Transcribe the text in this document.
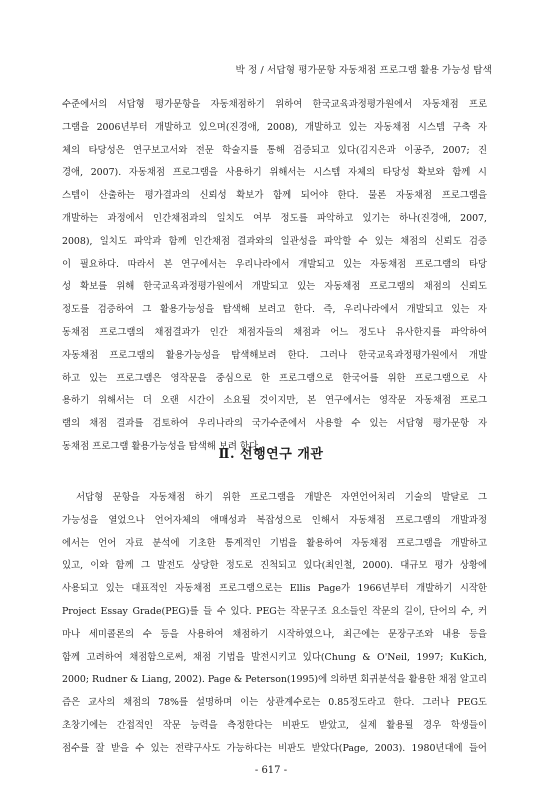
박 정 / 서답형 평가문항 자동채점 프로그램 활용 가능성 탐색
수준에서의 서답형 평가문항을 자동채점하기 위하여 한국교육과정평가원에서 자동채점 프로
그램을 2006년부터 개발하고 있으며(진경애, 2008), 개발하고 있는 자동채점 시스템 구축 자
체의 타당성은 연구보고서와 전문 학술지를 통해 검증되고 있다(김지은과 이공주, 2007; 진
경애, 2007). 자동채점 프로그램을 사용하기 위해서는 시스템 자체의 타당성 확보와 함께 시
스템이 산출하는 평가결과의 신뢰성 확보가 함께 되어야 한다. 물론 자동채점 프로그램을
개발하는 과정에서 인간채점과의 일치도 여부 정도를 파악하고 있기는 하나(진경애, 2007,
2008), 일치도 파악과 함께 인간채점 결과와의 일관성을 파악할 수 있는 채점의 신뢰도 검증
이 필요하다. 따라서 본 연구에서는 우리나라에서 개발되고 있는 자동채점 프로그램의 타당
성 확보를 위해 한국교육과정평가원에서 개발되고 있는 자동채점 프로그램의 채점의 신뢰도
정도를 검증하여 그 활용가능성을 탐색해 보려고 한다. 즉, 우리나라에서 개발되고 있는 자
동채점 프로그램의 채점결과가 인간 채점자들의 채점과 어느 정도나 유사한지를 파악하여
자동채점 프로그램의 활용가능성을 탐색해보려 한다. 그러나 한국교육과정평가원에서 개발
하고 있는 프로그램은 영작문을 중심으로 한 프로그램으로 한국어를 위한 프로그램으로 사
용하기 위해서는 더 오랜 시간이 소요될 것이지만, 본 연구에서는 영작문 자동채점 프로그
램의 채점 결과를 검토하여 우리나라의 국가수준에서 사용할 수 있는 서답형 평가문항 자
동채점 프로그램 활용가능성을 탐색해 보려 한다.
Ⅱ. 선행연구 개관
서답형 문항을 자동채점 하기 위한 프로그램을 개발은 자연언어처리 기술의 발달로 그
가능성을 열었으나 언어자체의 애매성과 복잡성으로 인해서 자동채점 프로그램의 개발과정
에서는 언어 자료 분석에 기초한 통계적인 기법을 활용하여 자동채점 프로그램을 개발하고
있고, 이와 함께 그 발전도 상당한 정도로 진척되고 있다(최인철, 2000). 대규모 평가 상황에
사용되고 있는 대표적인 자동채점 프로그램으로는 Ellis Page가 1966년부터 개발하기 시작한
Project Essay Grade(PEG)를 들 수 있다. PEG는 작문구조 요소들인 작문의 길이, 단어의 수, 커
마나 세미콜론의 수 등을 사용하여 채점하기 시작하였으나, 최근에는 문장구조와 내용 등을
함께 고려하여 채점함으로써, 채점 기법을 발전시키고 있다(Chung & O'Neil, 1997; KuKich,
2000; Rudner & Liang, 2002). Page & Peterson(1995)에 의하면 회귀분석을 활용한 채점 알고리
즘은 교사의 채점의 78%를 설명하며 이는 상관계수로는 0.85정도라고 한다. 그러나 PEG도
초창기에는 간접적인 작문 능력을 측정한다는 비판도 받았고, 실제 활용될 경우 학생들이
점수를 잘 받을 수 있는 전략구사도 가능하다는 비판도 받았다(Page, 2003). 1980년대에 들어

- 617 -
